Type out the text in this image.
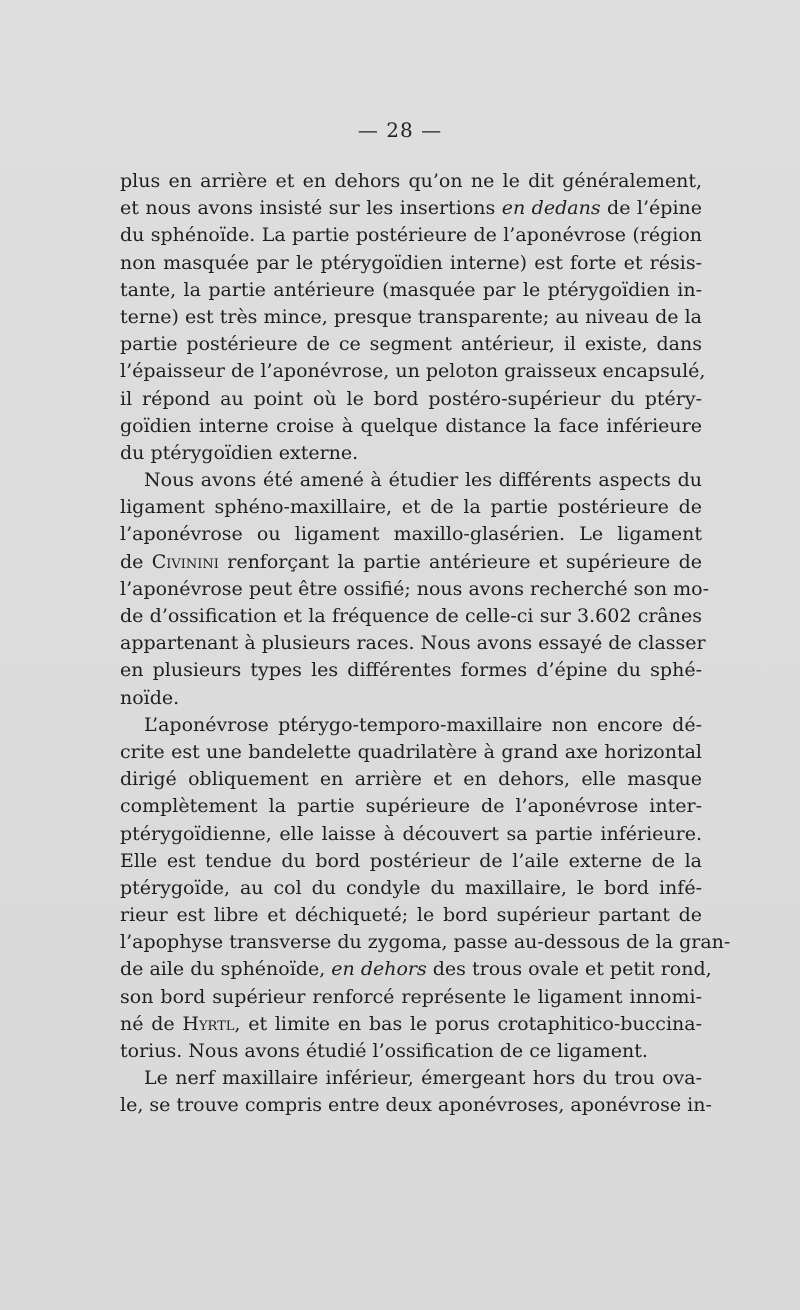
— 28 —
plus en arrière et en dehors qu’on ne le dit généralement,
et nous avons insisté sur les insertions en dedans de l’épine
du sphénoïde. La partie postérieure de l’aponévrose (région
non masquée par le ptérygoïdien interne) est forte et résis-
tante, la partie antérieure (masquée par le ptérygoïdien in-
terne) est très mince, presque transparente; au niveau de la
partie postérieure de ce segment antérieur, il existe, dans
l’épaisseur de l’aponévrose, un peloton graisseux encapsulé,
il répond au point où le bord postéro-supérieur du ptéry-
goïdien interne croise à quelque distance la face inférieure
du ptérygoïdien externe.
Nous avons été amené à étudier les différents aspects du
ligament sphéno-maxillaire, et de la partie postérieure de
l’aponévrose ou ligament maxillo-glasérien. Le ligament
de Civinini renforçant la partie antérieure et supérieure de
l’aponévrose peut être ossifié; nous avons recherché son mo-
de d’ossification et la fréquence de celle-ci sur 3.602 crânes
appartenant à plusieurs races. Nous avons essayé de classer
en plusieurs types les différentes formes d’épine du sphé-
noïde.
L’aponévrose ptérygo-temporo-maxillaire non encore dé-
crite est une bandelette quadrilatère à grand axe horizontal
dirigé obliquement en arrière et en dehors, elle masque
complètement la partie supérieure de l’aponévrose inter-
ptérygoïdienne, elle laisse à découvert sa partie inférieure.
Elle est tendue du bord postérieur de l’aile externe de la
ptérygoïde, au col du condyle du maxillaire, le bord infé-
rieur est libre et déchiqueté; le bord supérieur partant de
l’apophyse transverse du zygoma, passe au-dessous de la gran-
de aile du sphénoïde, en dehors des trous ovale et petit rond,
son bord supérieur renforcé représente le ligament innomi-
né de Hyrtl, et limite en bas le porus crotaphitico-buccina-
torius. Nous avons étudié l’ossification de ce ligament.
Le nerf maxillaire inférieur, émergeant hors du trou ova-
le, se trouve compris entre deux aponévroses, aponévrose in-
